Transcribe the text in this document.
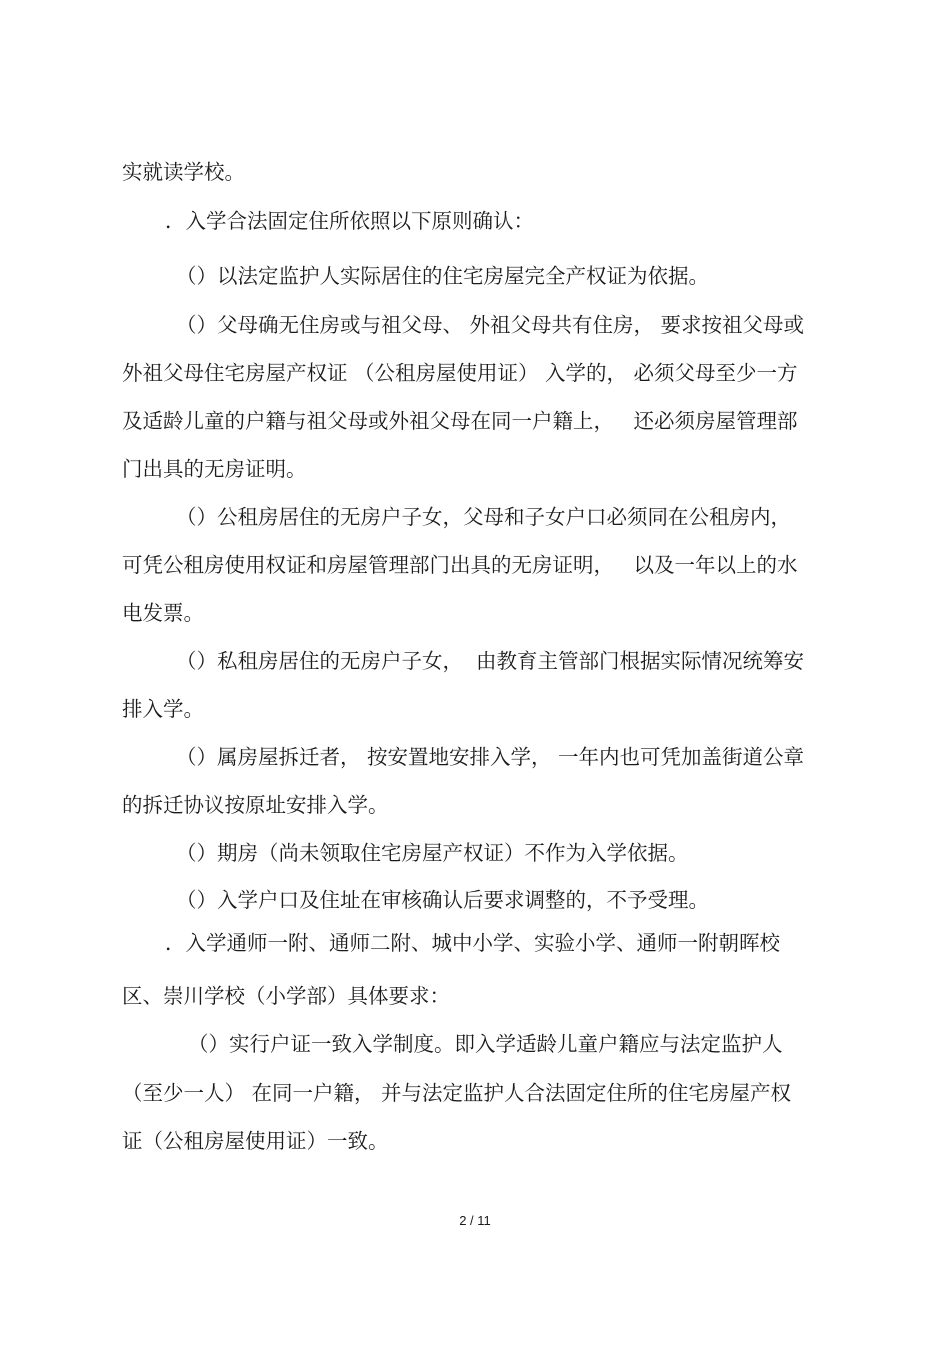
实就读学校。
．入学合法固定住所依照以下原则确认：
（）以法定监护人实际居住的住宅房屋完全产权证为依据。
（）父母确无住房或与祖父母、 外祖父母共有住房， 要求按祖父母或
外祖父母住宅房屋产权证 （公租房屋使用证） 入学的， 必须父母至少一方
及适龄儿童的户籍与祖父母或外祖父母在同一户籍上，   还必须房屋管理部
门出具的无房证明。
（）公租房居住的无房户子女，父母和子女户口必须同在公租房内，
可凭公租房使用权证和房屋管理部门出具的无房证明，   以及一年以上的水
电发票。
（）私租房居住的无房户子女，  由教育主管部门根据实际情况统筹安
排入学。
（）属房屋拆迁者， 按安置地安排入学， 一年内也可凭加盖街道公章
的拆迁协议按原址安排入学。
（）期房（尚未领取住宅房屋产权证）不作为入学依据。
（）入学户口及住址在审核确认后要求调整的，不予受理。
．入学通师一附、通师二附、城中小学、实验小学、通师一附朝晖校
区、崇川学校（小学部）具体要求：
（）实行户证一致入学制度。即入学适龄儿童户籍应与法定监护人
（至少一人） 在同一户籍， 并与法定监护人合法固定住所的住宅房屋产权
证（公租房屋使用证）一致。
2 / 11
